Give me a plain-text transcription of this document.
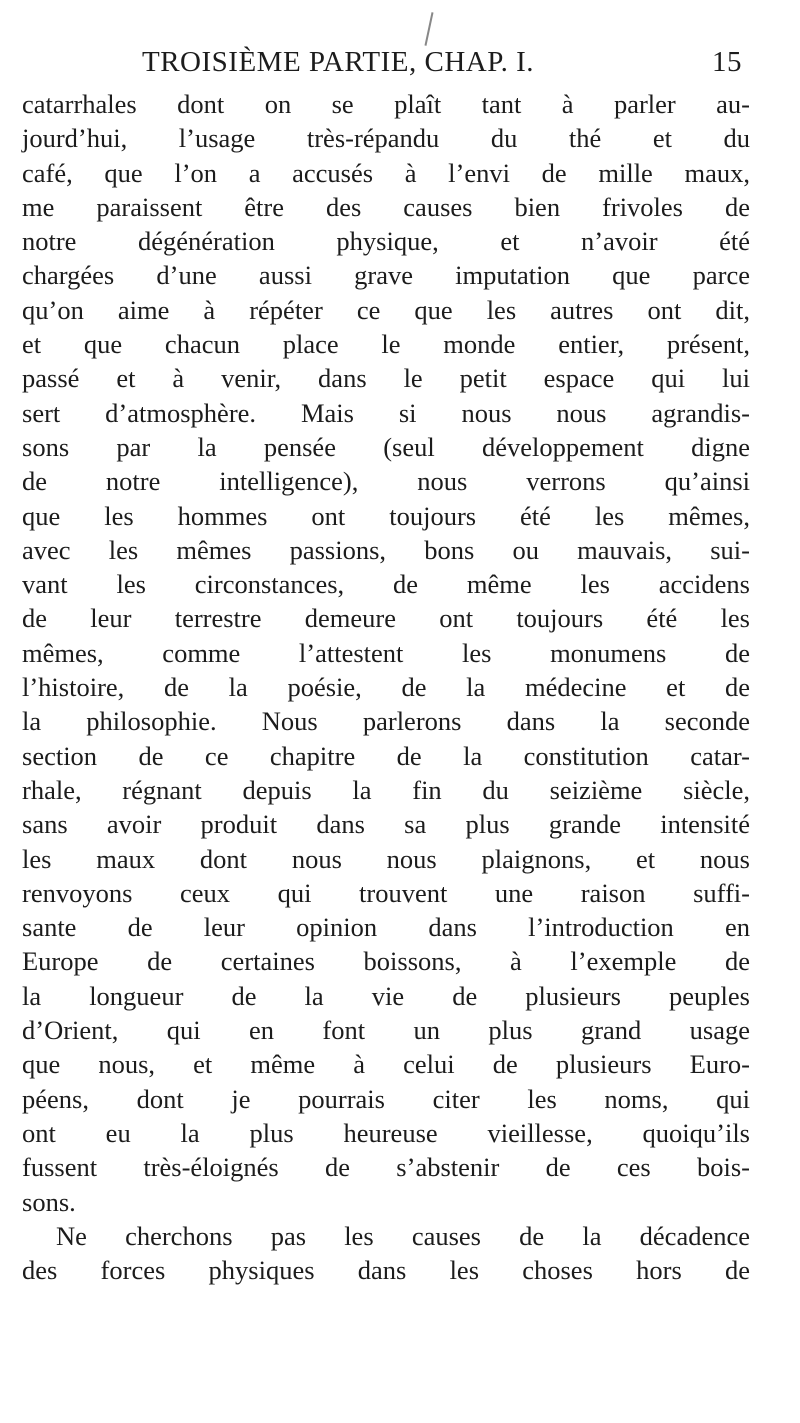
TROISIÈME PARTIE, CHAP. I.	15
catarrhales dont on se plaît tant à parler au-
jourd’hui, l’usage très-répandu du thé et du
café, que l’on a accusés à l’envi de mille maux,
me paraissent être des causes bien frivoles de
notre dégénération physique, et n’avoir été
chargées d’une aussi grave imputation que parce
qu’on aime à répéter ce que les autres ont dit,
et que chacun place le monde entier, présent,
passé et à venir, dans le petit espace qui lui
sert d’atmosphère. Mais si nous nous agrandis-
sons par la pensée (seul développement digne
de notre intelligence), nous verrons qu’ainsi
que les hommes ont toujours été les mêmes,
avec les mêmes passions, bons ou mauvais, sui-
vant les circonstances, de même les accidens
de leur terrestre demeure ont toujours été les
mêmes, comme l’attestent les monumens de
l’histoire, de la poésie, de la médecine et de
la philosophie. Nous parlerons dans la seconde
section de ce chapitre de la constitution catar-
rhale, régnant depuis la fin du seizième siècle,
sans avoir produit dans sa plus grande intensité
les maux dont nous nous plaignons, et nous
renvoyons ceux qui trouvent une raison suffi-
sante de leur opinion dans l’introduction en
Europe de certaines boissons, à l’exemple de
la longueur de la vie de plusieurs peuples
d’Orient, qui en font un plus grand usage
que nous, et même à celui de plusieurs Euro-
péens, dont je pourrais citer les noms, qui
ont eu la plus heureuse vieillesse, quoiqu’ils
fussent très-éloignés de s’abstenir de ces bois-
sons.
Ne cherchons pas les causes de la décadence
des forces physiques dans les choses hors de
